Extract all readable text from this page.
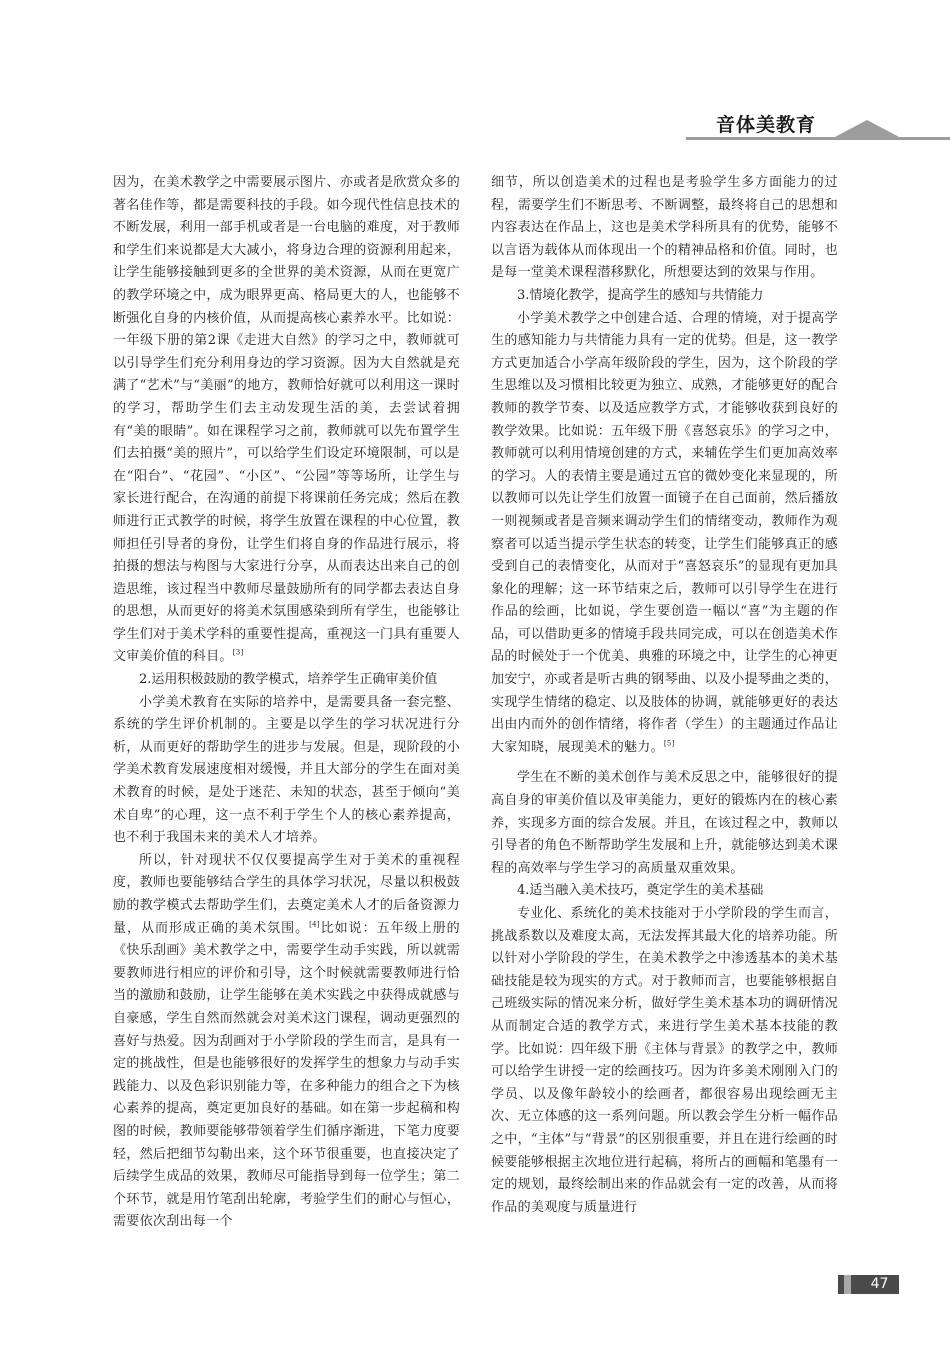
音体美教育

因为，在美术教学之中需要展示图片、亦或者是欣赏众多的著名佳作等，都是需要科技的手段。如今现代性信息技术的不断发展，利用一部手机或者是一台电脑的难度，对于教师和学生们来说都是大大减小，将身边合理的资源利用起来，让学生能够接触到更多的全世界的美术资源，从而在更宽广的教学环境之中，成为眼界更高、格局更大的人，也能够不断强化自身的内核价值，从而提高核心素养水平。比如说：一年级下册的第2课《走进大自然》的学习之中，教师就可以引导学生们充分利用身边的学习资源。因为大自然就是充满了“艺术”与“美丽”的地方，教师恰好就可以利用这一课时的学习，帮助学生们去主动发现生活的美，去尝试着拥有“美的眼睛”。如在课程学习之前，教师就可以先布置学生们去拍摄“美的照片”，可以给学生们设定环境限制，可以是在“阳台”、“花园”、“小区”、“公园”等等场所，让学生与家长进行配合，在沟通的前提下将课前任务完成；然后在教师进行正式教学的时候，将学生放置在课程的中心位置，教师担任引导者的身份，让学生们将自身的作品进行展示，将拍摄的想法与构图与大家进行分享，从而表达出来自己的创造思维，该过程当中教师尽量鼓励所有的同学都去表达自身的思想，从而更好的将美术氛围感染到所有学生，也能够让学生们对于美术学科的重要性提高，重视这一门具有重要人文审美价值的科目。[3]

2.运用积极鼓励的教学模式，培养学生正确审美价值

小学美术教育在实际的培养中，是需要具备一套完整、系统的学生评价机制的。主要是以学生的学习状况进行分析，从而更好的帮助学生的进步与发展。但是，现阶段的小学美术教育发展速度相对缓慢，并且大部分的学生在面对美术教育的时候，是处于迷茫、未知的状态，甚至于倾向“美术自卑”的心理，这一点不利于学生个人的核心素养提高，也不利于我国未来的美术人才培养。

所以，针对现状不仅仅要提高学生对于美术的重视程度，教师也要能够结合学生的具体学习状况，尽量以积极鼓励的教学模式去帮助学生们，去奠定美术人才的后备资源力量，从而形成正确的美术氛围。[4]比如说：五年级上册的《快乐刮画》美术教学之中，需要学生动手实践，所以就需要教师进行相应的评价和引导，这个时候就需要教师进行恰当的激励和鼓励，让学生能够在美术实践之中获得成就感与自豪感，学生自然而然就会对美术这门课程，调动更强烈的喜好与热爱。因为刮画对于小学阶段的学生而言，是具有一定的挑战性，但是也能够很好的发挥学生的想象力与动手实践能力、以及色彩识别能力等，在多种能力的组合之下为核心素养的提高，奠定更加良好的基础。如在第一步起稿和构图的时候，教师要能够带领着学生们循序渐进，下笔力度要轻，然后把细节勾勒出来，这个环节很重要，也直接决定了后续学生成品的效果，教师尽可能指导到每一位学生；第二个环节，就是用竹笔刮出轮廓，考验学生们的耐心与恒心，需要依次刮出每一个

细节，所以创造美术的过程也是考验学生多方面能力的过程，需要学生们不断思考、不断调整，最终将自己的思想和内容表达在作品上，这也是美术学科所具有的优势，能够不以言语为载体从而体现出一个的精神品格和价值。同时，也是每一堂美术课程潜移默化，所想要达到的效果与作用。

3.情境化教学，提高学生的感知与共情能力

小学美术教学之中创建合适、合理的情境，对于提高学生的感知能力与共情能力具有一定的优势。但是，这一教学方式更加适合小学高年级阶段的学生，因为，这个阶段的学生思维以及习惯相比较更为独立、成熟，才能够更好的配合教师的教学节奏、以及适应教学方式，才能够收获到良好的教学效果。比如说：五年级下册《喜怒哀乐》的学习之中，教师就可以利用情境创建的方式，来辅佐学生们更加高效率的学习。人的表情主要是通过五官的微妙变化来显现的，所以教师可以先让学生们放置一面镜子在自己面前，然后播放一则视频或者是音频来调动学生们的情绪变动，教师作为观察者可以适当提示学生状态的转变，让学生们能够真正的感受到自己的表情变化，从而对于“喜怒哀乐”的显现有更加具象化的理解；这一环节结束之后，教师可以引导学生在进行作品的绘画，比如说，学生要创造一幅以“喜”为主题的作品，可以借助更多的情境手段共同完成，可以在创造美术作品的时候处于一个优美、典雅的环境之中，让学生的心神更加安宁，亦或者是听古典的钢琴曲、以及小提琴曲之类的，实现学生情绪的稳定、以及肢体的协调，就能够更好的表达出由内而外的创作情绪，将作者（学生）的主题通过作品让大家知晓，展现美术的魅力。[5]

学生在不断的美术创作与美术反思之中，能够很好的提高自身的审美价值以及审美能力，更好的锻炼内在的核心素养，实现多方面的综合发展。并且，在该过程之中，教师以引导者的角色不断帮助学生发展和上升，就能够达到美术课程的高效率与学生学习的高质量双重效果。

4.适当融入美术技巧，奠定学生的美术基础

专业化、系统化的美术技能对于小学阶段的学生而言，挑战系数以及难度太高，无法发挥其最大化的培养功能。所以针对小学阶段的学生，在美术教学之中渗透基本的美术基础技能是较为现实的方式。对于教师而言，也要能够根据自己班级实际的情况来分析，做好学生美术基本功的调研情况从而制定合适的教学方式，来进行学生美术基本技能的教学。比如说：四年级下册《主体与背景》的教学之中，教师可以给学生讲授一定的绘画技巧。因为许多美术刚刚入门的学员、以及像年龄较小的绘画者，都很容易出现绘画无主次、无立体感的这一系列问题。所以教会学生分析一幅作品之中，“主体”与“背景”的区别很重要，并且在进行绘画的时候要能够根据主次地位进行起稿，将所占的画幅和笔墨有一定的规划，最终绘制出来的作品就会有一定的改善，从而将作品的美观度与质量进行

47
